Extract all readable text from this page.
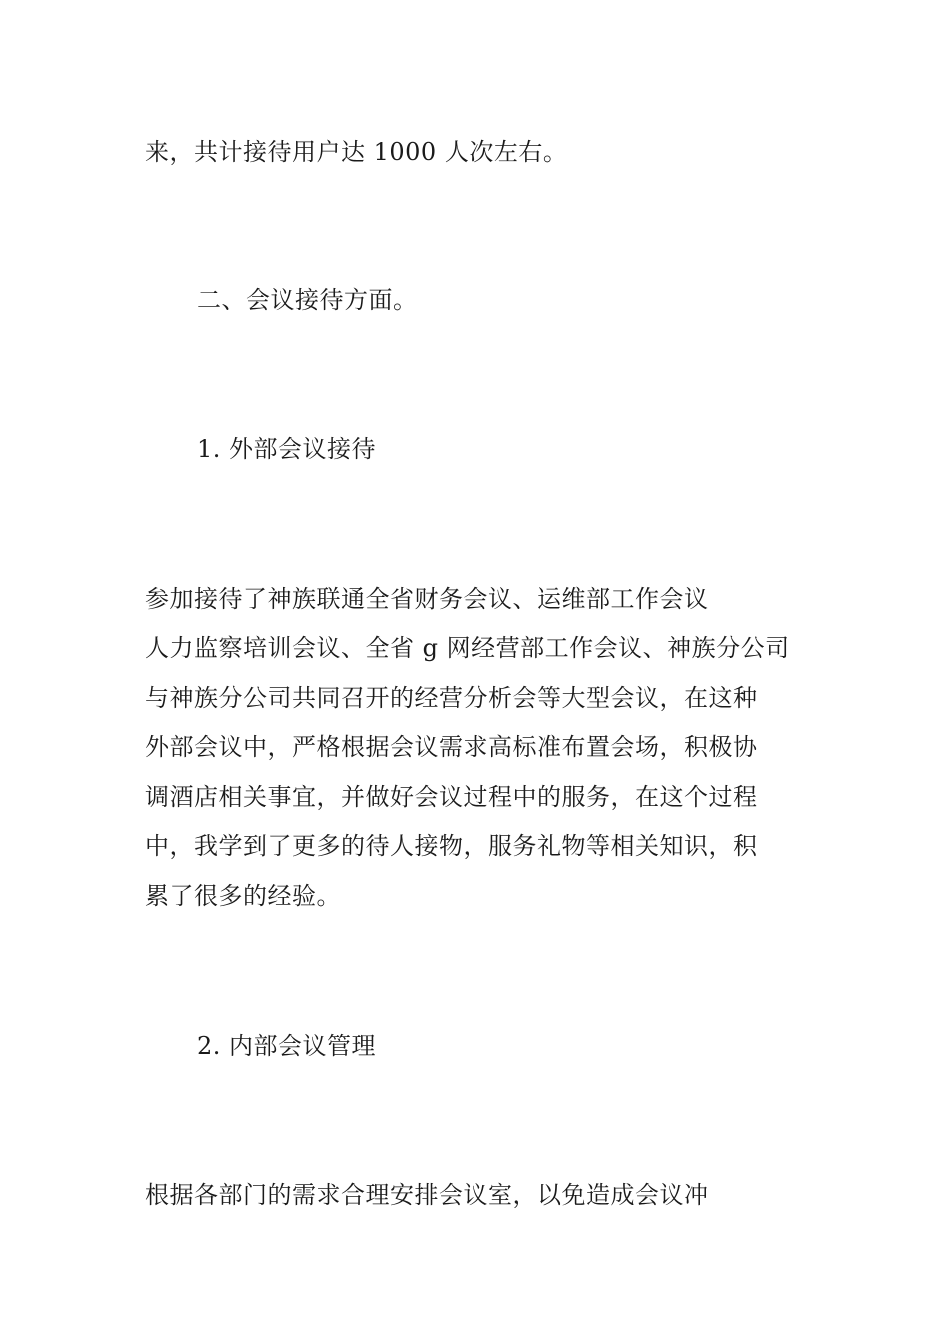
来，共计接待用户达 1000 人次左右。
二、会议接待方面。
1. 外部会议接待
参加接待了神族联通全省财务会议、运维部工作会议
人力监察培训会议、全省 g 网经营部工作会议、神族分公司
与神族分公司共同召开的经营分析会等大型会议，在这种
外部会议中，严格根据会议需求高标准布置会场，积极协
调酒店相关事宜，并做好会议过程中的服务，在这个过程
中，我学到了更多的待人接物，服务礼物等相关知识，积
累了很多的经验。
2. 内部会议管理
根据各部门的需求合理安排会议室，以免造成会议冲
